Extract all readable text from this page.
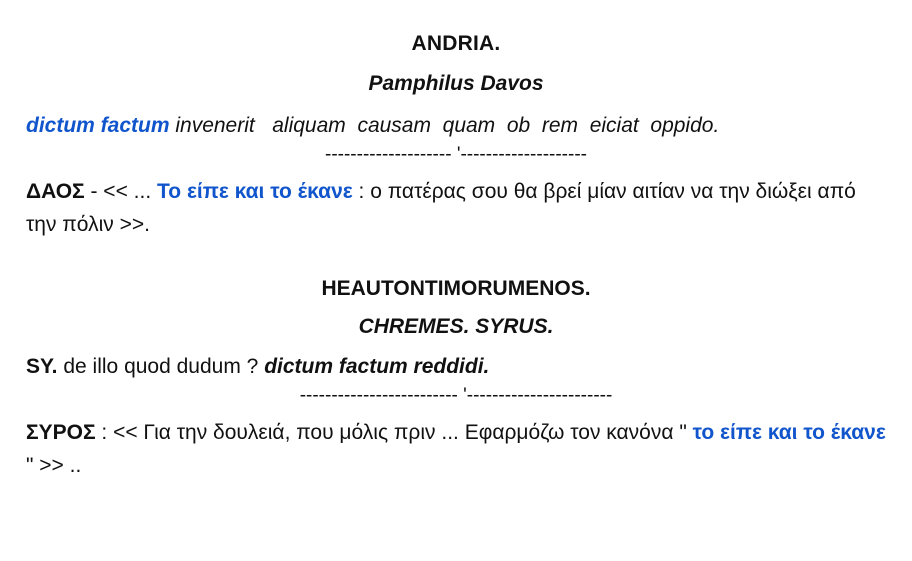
ANDRIA.
Pamphilus Davos
dictum factum invenerit   aliquam  causam  quam  ob  rem  eiciat  oppido.
-------------------- '--------------------
ΔΑΟΣ - << ... Το είπε και το έκανε : ο πατέρας σου θα βρεί μίαν αιτίαν να την διώξει από την πόλιν >>.
HEAUTONTIMORUMENOS.
CHREMES. SYRUS.
SY. de illo quod dudum ? dictum factum reddidi.
------------------------- '-----------------------
ΣΥΡΟΣ : << Για την δουλειά, που μόλις πριν ... Εφαρμόζω τον κανόνα " το είπε και το έκανε " >> ..
